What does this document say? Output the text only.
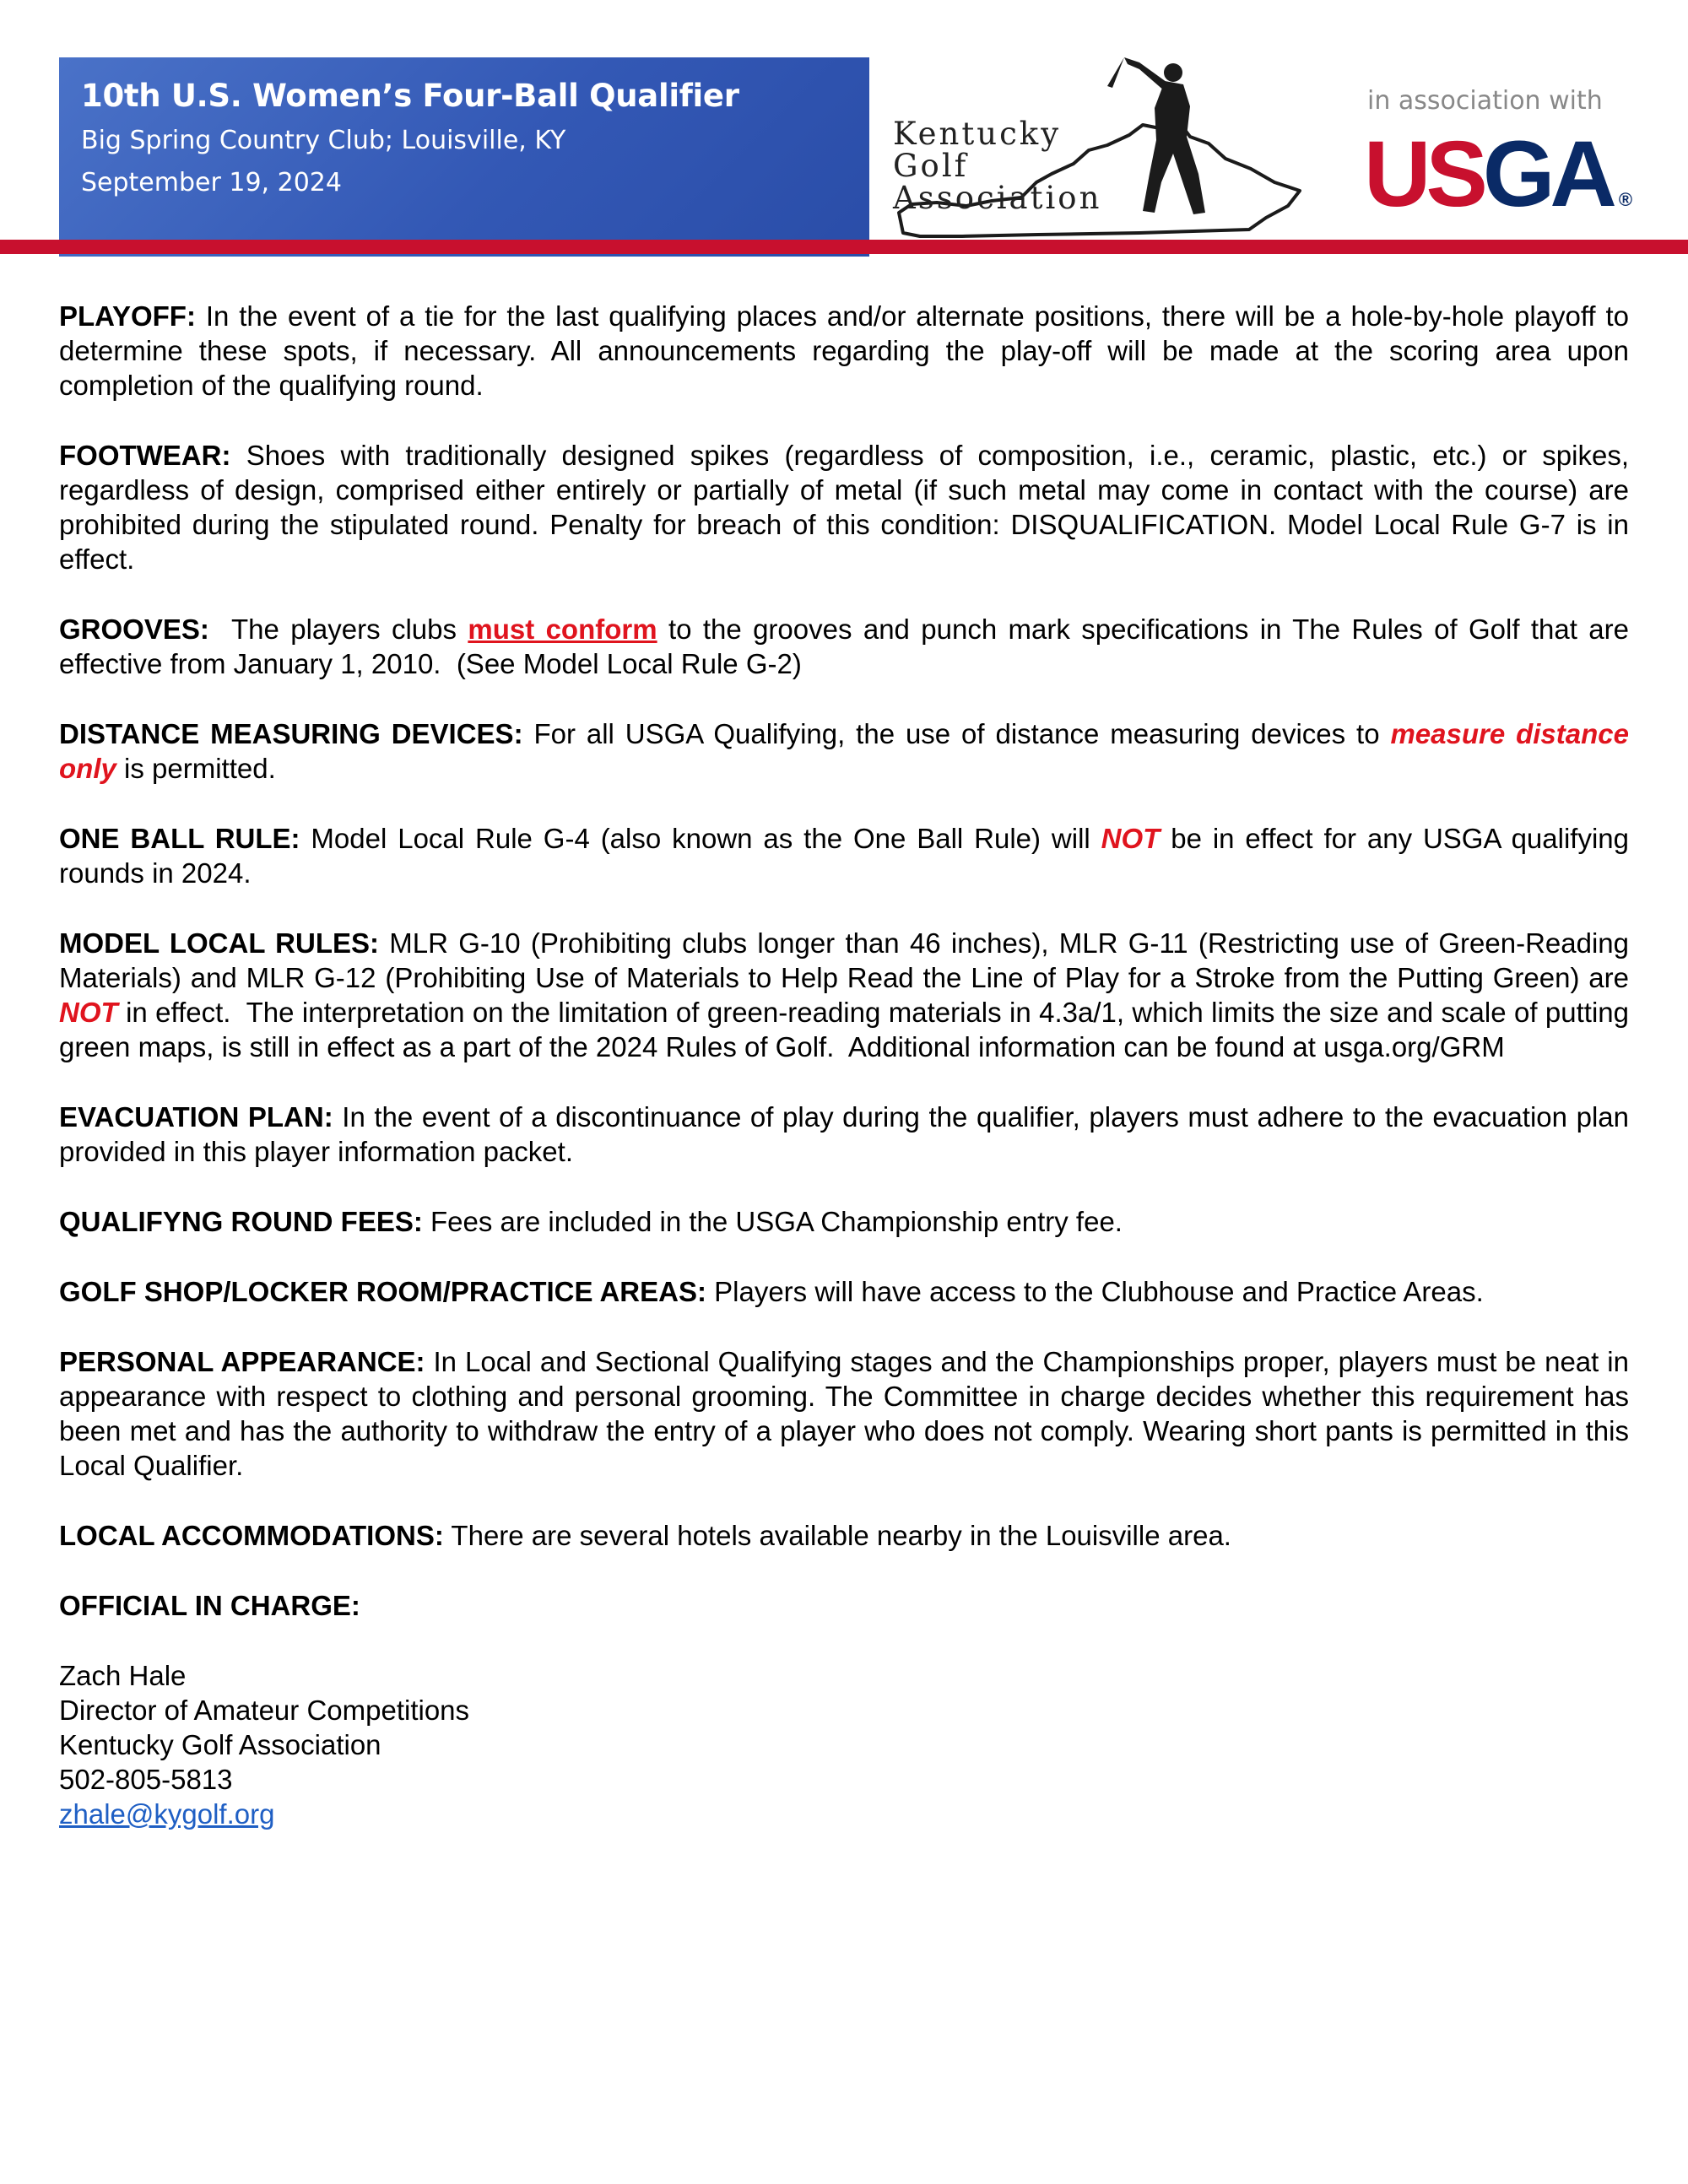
10th U.S. Women’s Four-Ball Qualifier
Big Spring Country Club; Louisville, KY
September 19, 2024
Kentucky
Golf
Association
in association with
USGA ®

PLAYOFF: In the event of a tie for the last qualifying places and/or alternate positions, there will be a hole-by-hole playoff to determine these spots, if necessary. All announcements regarding the play-off will be made at the scoring area upon completion of the qualifying round.

FOOTWEAR: Shoes with traditionally designed spikes (regardless of composition, i.e., ceramic, plastic, etc.) or spikes, regardless of design, comprised either entirely or partially of metal (if such metal may come in contact with the course) are prohibited during the stipulated round. Penalty for breach of this condition: DISQUALIFICATION. Model Local Rule G-7 is in effect.

GROOVES:  The players clubs must conform to the grooves and punch mark specifications in The Rules of Golf that are effective from January 1, 2010.  (See Model Local Rule G-2)

DISTANCE MEASURING DEVICES: For all USGA Qualifying, the use of distance measuring devices to measure distance only is permitted.

ONE BALL RULE: Model Local Rule G-4 (also known as the One Ball Rule) will NOT be in effect for any USGA qualifying rounds in 2024.

MODEL LOCAL RULES: MLR G-10 (Prohibiting clubs longer than 46 inches), MLR G-11 (Restricting use of Green-Reading Materials) and MLR G-12 (Prohibiting Use of Materials to Help Read the Line of Play for a Stroke from the Putting Green) are NOT in effect.  The interpretation on the limitation of green-reading materials in 4.3a/1, which limits the size and scale of putting green maps, is still in effect as a part of the 2024 Rules of Golf.  Additional information can be found at usga.org/GRM

EVACUATION PLAN: In the event of a discontinuance of play during the qualifier, players must adhere to the evacuation plan provided in this player information packet.

QUALIFYNG ROUND FEES: Fees are included in the USGA Championship entry fee.

GOLF SHOP/LOCKER ROOM/PRACTICE AREAS: Players will have access to the Clubhouse and Practice Areas.

PERSONAL APPEARANCE: In Local and Sectional Qualifying stages and the Championships proper, players must be neat in appearance with respect to clothing and personal grooming. The Committee in charge decides whether this requirement has been met and has the authority to withdraw the entry of a player who does not comply. Wearing short pants is permitted in this Local Qualifier.

LOCAL ACCOMMODATIONS: There are several hotels available nearby in the Louisville area.

OFFICIAL IN CHARGE:

Zach Hale

Director of Amateur Competitions

Kentucky Golf Association

502-805-5813

zhale@kygolf.org
